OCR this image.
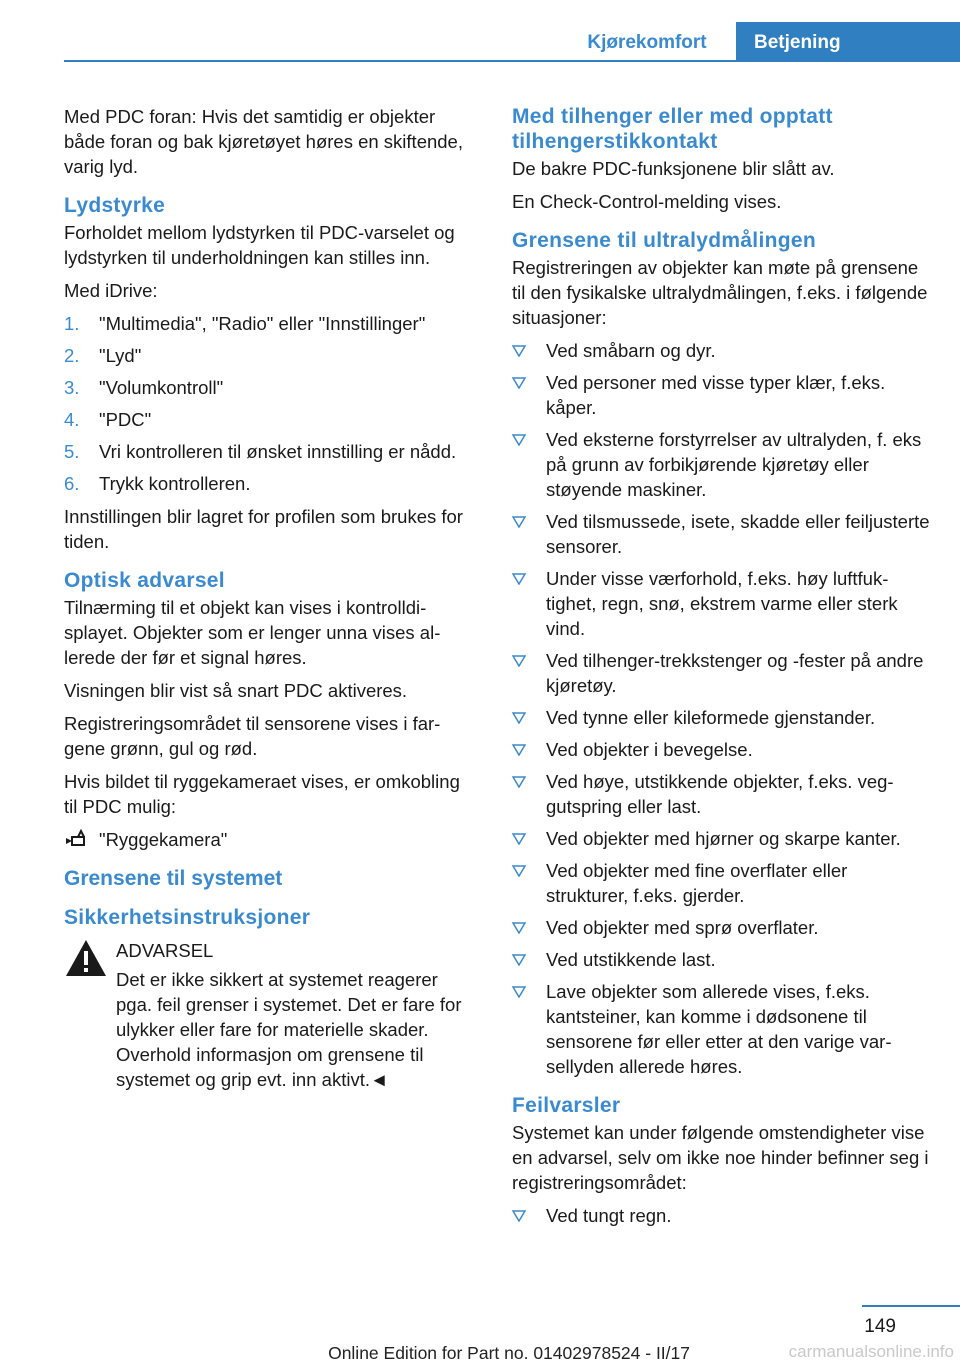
Kjørekomfort	Betjening

Med PDC foran: Hvis det samtidig er objekter både foran og bak kjøretøyet høres en skiftende, varig lyd.

Lydstyrke

Forholdet mellom lydstyrken til PDC-varselet og lydstyrken til underholdningen kan stilles inn.

Med iDrive:

1. "Multimedia", "Radio" eller "Innstillinger"
2. "Lyd"
3. "Volumkontroll"
4. "PDC"
5. Vri kontrolleren til ønsket innstilling er nådd.
6. Trykk kontrolleren.

Innstillingen blir lagret for profilen som brukes for tiden.

Optisk advarsel

Tilnærming til et objekt kan vises i kontrolldisplayet. Objekter som er lenger unna vises allerede der før et signal høres.

Visningen blir vist så snart PDC aktiveres.

Registreringsområdet til sensorene vises i fargene grønn, gul og rød.

Hvis bildet til ryggekameraet vises, er omkobling til PDC mulig:

"Ryggekamera"
Grensene til systemet
Sikkerhetsinstruksjoner

ADVARSEL

Det er ikke sikkert at systemet reagerer pga. feil grenser i systemet. Det er fare for ulykker eller fare for materielle skader. Overhold informasjon om grensene til systemet og grip evt. inn aktivt.◄

Med tilhenger eller med opptatt tilhengerstikkontakt

De bakre PDC-funksjonene blir slått av.

En Check-Control-melding vises.

Grensene til ultralydmålingen

Registreringen av objekter kan møte på grensene til den fysikalske ultralydmålingen, f.eks. i følgende situasjoner:

Ved småbarn og dyr.
Ved personer med visse typer klær, f.eks. kåper.
Ved eksterne forstyrrelser av ultralyden, f. eks på grunn av forbikjørende kjøretøy eller støyende maskiner.
Ved tilsmussede, isete, skadde eller feiljusterte sensorer.
Under visse værforhold, f.eks. høy luftfuktighet, regn, snø, ekstrem varme eller sterk vind.
Ved tilhenger-trekkstenger og -fester på andre kjøretøy.
Ved tynne eller kileformede gjenstander.
Ved objekter i bevegelse.
Ved høye, utstikkende objekter, f.eks. veggutspring eller last.
Ved objekter med hjørner og skarpe kanter.
Ved objekter med fine overflater eller strukturer, f.eks. gjerder.
Ved objekter med sprø overflater.
Ved utstikkende last.
Lave objekter som allerede vises, f.eks. kantsteiner, kan komme i dødsonene til sensorene før eller etter at den varige varsellyden allerede høres.
Feilvarsler

Systemet kan under følgende omstendigheter vise en advarsel, selv om ikke noe hinder befinner seg i registreringsområdet:

Ved tungt regn.
149
Online Edition for Part no. 01402978524 - II/17	carmanualsonline.info
